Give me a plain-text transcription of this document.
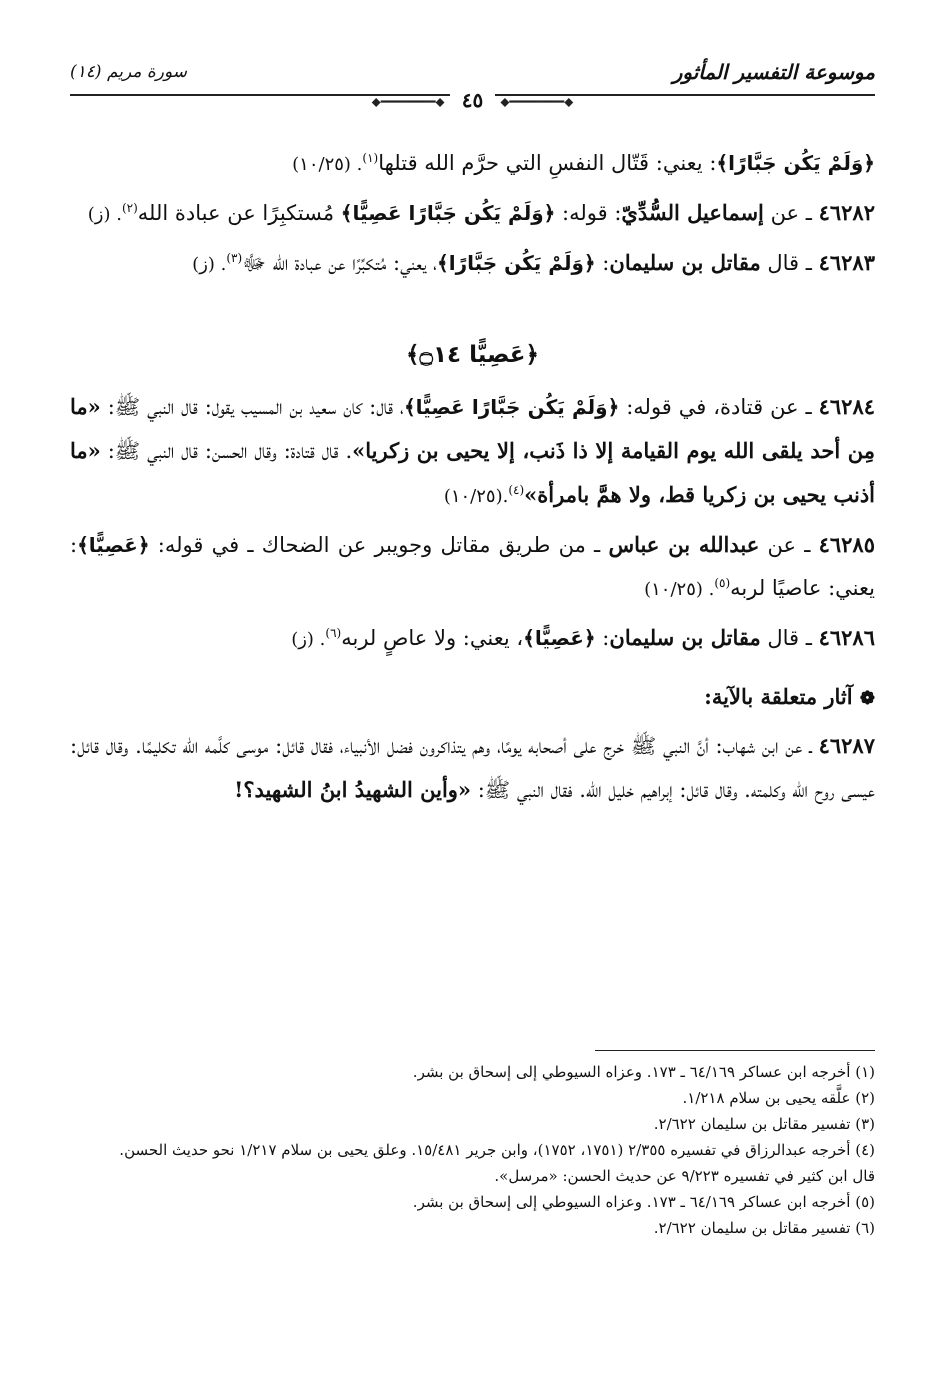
موسوعة التفسير المأثور
سورة مريم (١٤)
⬥━━━━━━━⬥ ٤٥ ⬥━━━━━━━⬥

﴿وَلَمْ يَكُن جَبَّارًا﴾: يعني: قَتّال النفسِ التي حرَّم الله قتلها$^{(١)}$. (١٠/٢٥)

٤٦٢٨٢ ـ عن إسماعيل السُّدِّيّ: قوله: ﴿وَلَمْ يَكُن جَبَّارًا عَصِيًّا﴾ مُستكبِرًا عن عبادة الله$^{(٢)}$. (ز)

٤٦٢٨٣ ـ قال مقاتل بن سليمان: ﴿وَلَمْ يَكُن جَبَّارًا﴾، يعني: مُتكبِّرًا عن عبادة الله ﷻ$^{(٣)}$. (ز)

﴿عَصِيًّا ۝١٤﴾

٤٦٢٨٤ ـ عن قتادة، في قوله: ﴿وَلَمْ يَكُن جَبَّارًا عَصِيًّا﴾، قال: كان سعيد بن المسيب يقول: قال النبي ﷺ: «ما مِن أحد يلقى الله يوم القيامة إلا ذا ذَنب، إلا يحيى بن زكريا». قال قتادة: وقال الحسن: قال النبي ﷺ: «ما أذنب يحيى بن زكريا قط، ولا همَّ بامرأة»$^{(٤)}$.(١٠/٢٥)

٤٦٢٨٥ ـ عن عبدالله بن عباس ـ من طريق مقاتل وجويبر عن الضحاك ـ في قوله: ﴿عَصِيًّا﴾: يعني: عاصيًا لربه$^{(٥)}$. (١٠/٢٥)

٤٦٢٨٦ ـ قال مقاتل بن سليمان: ﴿عَصِيًّا﴾، يعني: ولا عاصٍ لربه$^{(٦)}$. (ز)

❁ آثار متعلقة بالآية:

٤٦٢٨٧ ـ عن ابن شهاب: أنَّ النبي ﷺ خرج على أصحابه يومًا، وهم يتذاكرون فضل الأنبياء، فقال قائل: موسى كلَّمه الله تكليمًا. وقال قائل: عيسى روح الله وكلمته. وقال قائل: إبراهيم خليل الله. فقال النبي ﷺ: «وأين الشهيدُ ابنُ الشهيد؟!

(١) أخرجه ابن عساكر ٦٤/١٦٩ ـ ١٧٣. وعزاه السيوطي إلى إسحاق بن بشر.

(٢) علَّقه يحيى بن سلام ١/٢١٨.

(٣) تفسير مقاتل بن سليمان ٢/٦٢٢.

(٤) أخرجه عبدالرزاق في تفسيره ٢/٣٥٥ (١٧٥١، ١٧٥٢)، وابن جرير ١٥/٤٨١. وعلق يحيى بن سلام ١/٢١٧ نحو حديث الحسن.

قال ابن كثير في تفسيره ٩/٢٢٣ عن حديث الحسن: «مرسل».

(٥) أخرجه ابن عساكر ٦٤/١٦٩ ـ ١٧٣. وعزاه السيوطي إلى إسحاق بن بشر.

(٦) تفسير مقاتل بن سليمان ٢/٦٢٢.
